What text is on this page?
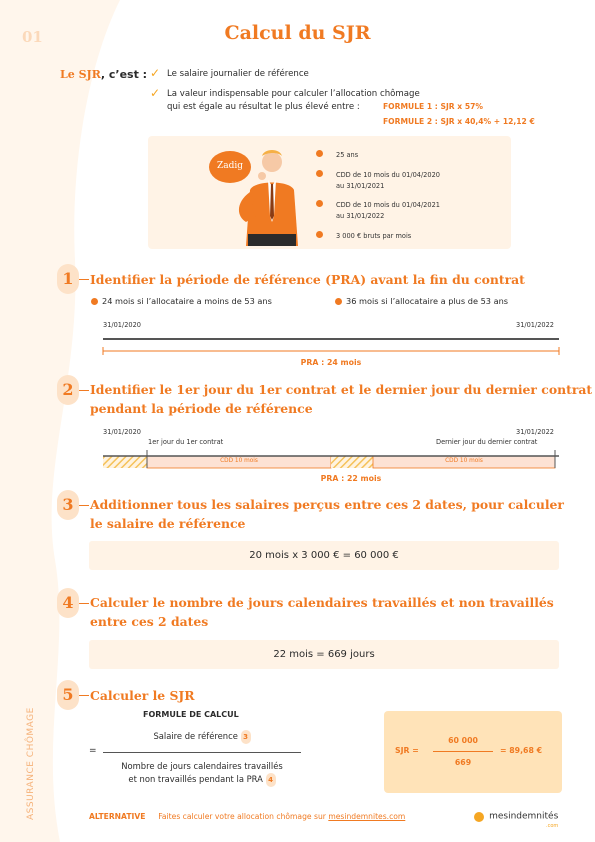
01	Calcul du SJR
Le SJR, c’est : ✓ Le salaire journalier de référence
✓ La valeur indispensable pour calculer l’allocation chômage
qui est égale au résultat le plus élevé entre :	FORMULE 1 : SJR x 57%
FORMULE 2 : SJR x 40,4% + 12,12 €
Zadig
25 ans
CDD de 10 mois du 01/04/2020
au 31/01/2021
CDD de 10 mois du 01/04/2021
au 31/01/2022
3 000 € bruts par mois
1	Identifier la période de référence (PRA) avant la fin du contrat
24 mois si l’allocataire a moins de 53 ans	36 mois si l’allocataire a plus de 53 ans
31/01/2020	31/01/2022
PRA : 24 mois
2	Identifier le 1er jour du 1er contrat et le dernier jour du dernier contrat
pendant la période de référence
31/01/2020	31/01/2022
1er jour du 1er contrat	Dernier jour du dernier contrat
CDD 10 mois	CDD 10 mois
PRA : 22 mois
3	Additionner tous les salaires perçus entre ces 2 dates, pour calculer
le salaire de référence
20 mois x 3 000 € = 60 000 €
4	Calculer le nombre de jours calendaires travaillés et non travaillés
entre ces 2 dates
22 mois = 669 jours
5	Calculer le SJR
FORMULE DE CALCUL
=
Salaire de référence 3
Nombre de jours calendaires travaillés
et non travaillés pendant la PRA 4
SJR =
60 000
669
= 89,68 €
ASSURANCE CHÔMAGE	ALTERNATIVE Faites calculer votre allocation chômage sur mesindemnites.com	mesindemnités
.com
